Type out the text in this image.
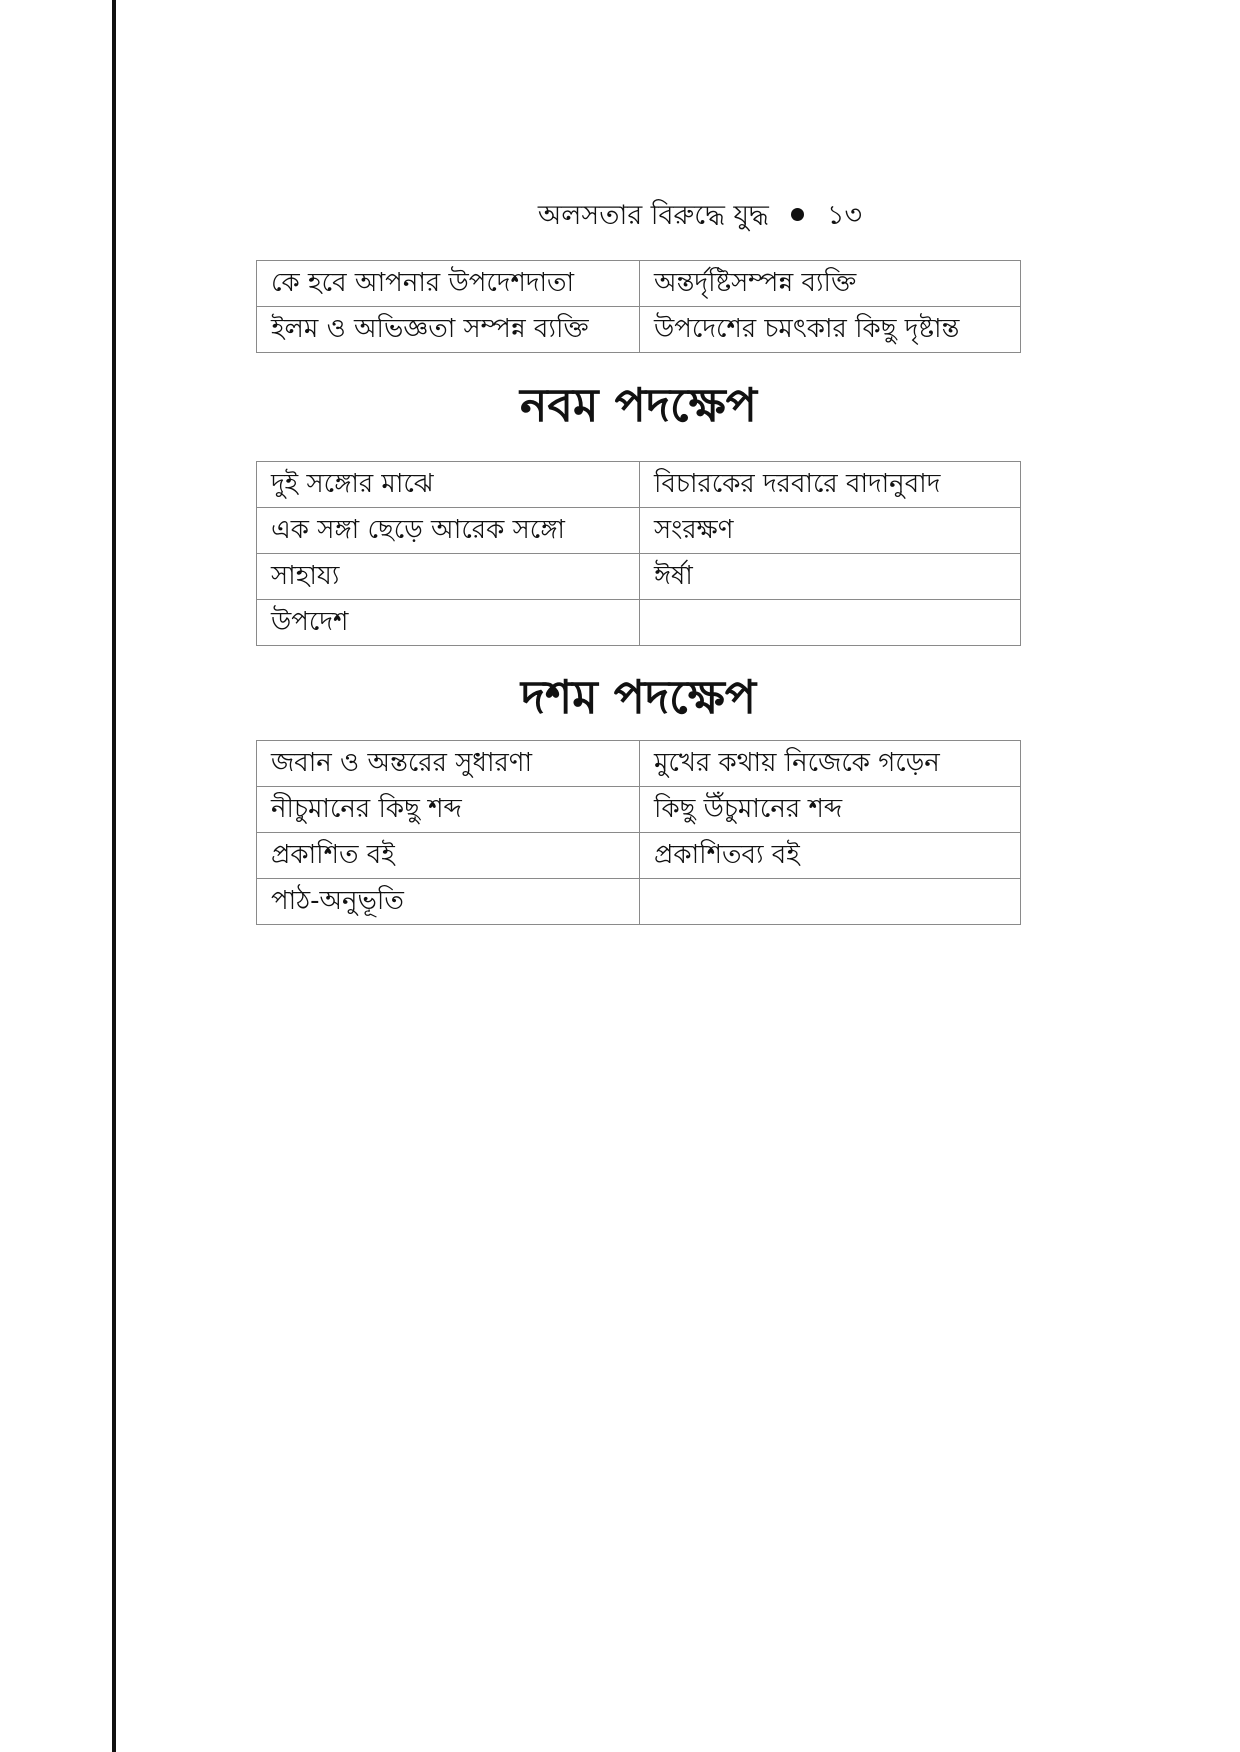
অলসতার বিরুদ্ধে যুদ্ধ ১৩
কে হবে আপনার উপদেশদাতা	অন্তর্দৃষ্টিসম্পন্ন ব্যক্তি
ইলম ও অভিজ্ঞতা সম্পন্ন ব্যক্তি	উপদেশের চমৎকার কিছু দৃষ্টান্ত
নবম পদক্ষেপ
দুই সঙ্গোর মাঝে	বিচারকের দরবারে বাদানুবাদ
এক সঙ্গা ছেড়ে আরেক সঙ্গো	সংরক্ষণ
সাহায্য	ঈর্ষা
উপদেশ	
দশম পদক্ষেপ
জবান ও অন্তরের সুধারণা	মুখের কথায় নিজেকে গড়েন
নীচুমানের কিছু শব্দ	কিছু উঁচুমানের শব্দ
প্রকাশিত বই	প্রকাশিতব্য বই
পাঠ-অনুভূতি	
